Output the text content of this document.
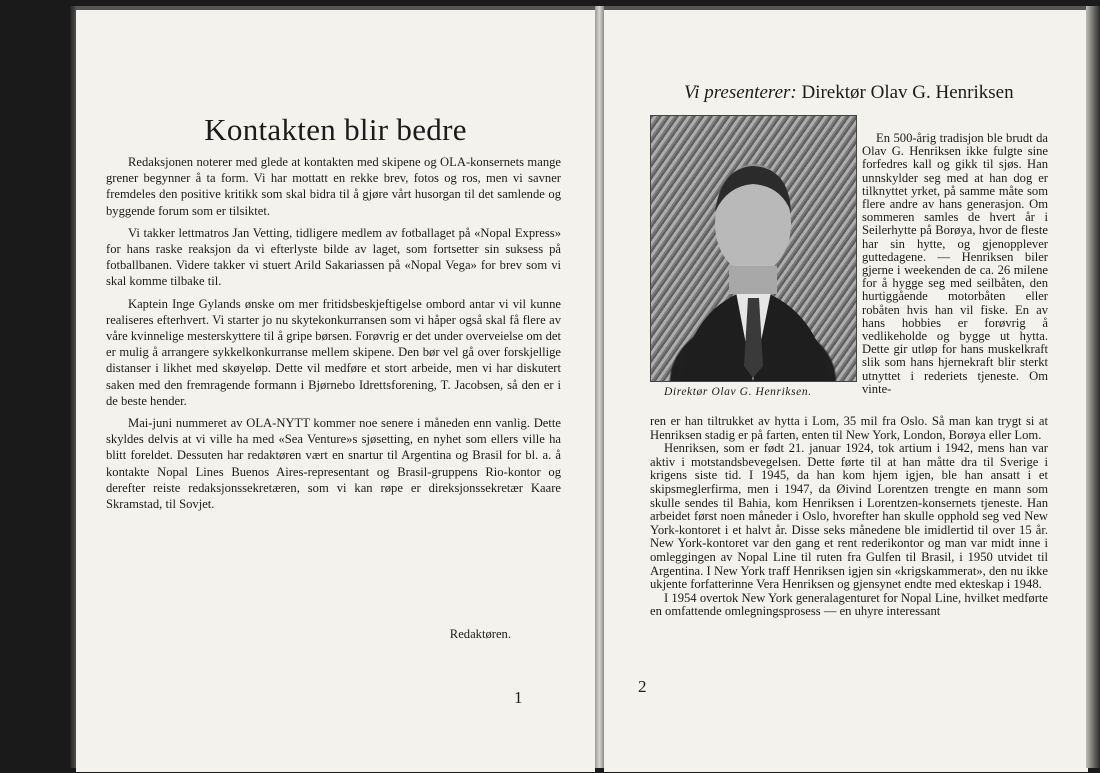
Kontakten blir bedre

Redaksjonen noterer med glede at kontakten med skipene og OLA-konsernets mange grener begynner å ta form. Vi har mottatt en rekke brev, fotos og ros, men vi savner fremdeles den positive kritikk som skal bidra til å gjøre vårt husorgan til det samlende og byggende forum som er tilsiktet.

Vi takker lettmatros Jan Vetting, tidligere medlem av fotballaget på «Nopal Express» for hans raske reaksjon da vi efterlyste bilde av laget, som fortsetter sin suksess på fotballbanen. Videre takker vi stuert Arild Sakariassen på «Nopal Vega» for brev som vi skal komme tilbake til.

Kaptein Inge Gylands ønske om mer fritidsbeskjeftigelse ombord antar vi vil kunne realiseres efterhvert. Vi starter jo nu skytekonkurransen som vi håper også skal få flere av våre kvinnelige mesterskyttere til å gripe børsen. Forøvrig er det under overveielse om det er mulig å arrangere sykkelkonkurranse mellem skipene. Den bør vel gå over forskjellige distanser i likhet med skøyeløp. Dette vil medføre et stort arbeide, men vi har diskutert saken med den fremragende formann i Bjørnebo Idrettsforening, T. Jacobsen, så den er i de beste hender.

Mai-juni nummeret av OLA-NYTT kommer noe senere i måneden enn vanlig. Dette skyldes delvis at vi ville ha med «Sea Venture»s sjøsetting, en nyhet som ellers ville ha blitt foreldet. Dessuten har redaktøren vært en snartur til Argentina og Brasil for bl. a. å kontakte Nopal Lines Buenos Aires-representant og Brasil-gruppens Rio-kontor og derefter reiste redaksjonssekretæren, som vi kan røpe er direksjonssekretær Kaare Skramstad, til Sovjet.

Redaktøren.
1
Vi presenterer: Direktør Olav G. Henriksen
Direktør Olav G. Henriksen.

En 500-årig tradisjon ble brudt da Olav G. Henriksen ikke fulgte sine forfedres kall og gikk til sjøs. Han unnskylder seg med at han dog er tilknyttet yrket, på samme måte som flere andre av hans generasjon. Om sommeren samles de hvert år i Seilerhytte på Borøya, hvor de fleste har sin hytte, og gjenopplever guttedagene. — Henriksen biler gjerne i weekenden de ca. 26 milene for å hygge seg med seilbåten, den hurtiggående motorbåten eller robåten hvis han vil fiske. En av hans hobbies er forøvrig å vedlikeholde og bygge ut hytta. Dette gir utløp for hans muskelkraft slik som hans hjernekraft blir sterkt utnyttet i rederiets tjeneste. Om vinte-

ren er han tiltrukket av hytta i Lom, 35 mil fra Oslo. Så man kan trygt si at Henriksen stadig er på farten, enten til New York, London, Borøya eller Lom.

Henriksen, som er født 21. januar 1924, tok artium i 1942, mens han var aktiv i motstandsbevegelsen. Dette førte til at han måtte dra til Sverige i krigens siste tid. I 1945, da han kom hjem igjen, ble han ansatt i et skipsmeglerfirma, men i 1947, da Øivind Lorentzen trengte en mann som skulle sendes til Bahia, kom Henriksen i Lorentzen-konsernets tjeneste. Han arbeidet først noen måneder i Oslo, hvorefter han skulle opphold seg ved New York-kontoret i et halvt år. Disse seks månedene ble imidlertid til over 15 år. New York-kontoret var den gang et rent rederikontor og man var midt inne i omleggingen av Nopal Line til ruten fra Gulfen til Brasil, i 1950 utvidet til Argentina. I New York traff Henriksen igjen sin «krigskammerat», den nu ikke ukjente forfatterinne Vera Henriksen og gjensynet endte med ekteskap i 1948.

I 1954 overtok New York generalagenturet for Nopal Line, hvilket medførte en omfattende omlegningsprosess — en uhyre interessant

2
